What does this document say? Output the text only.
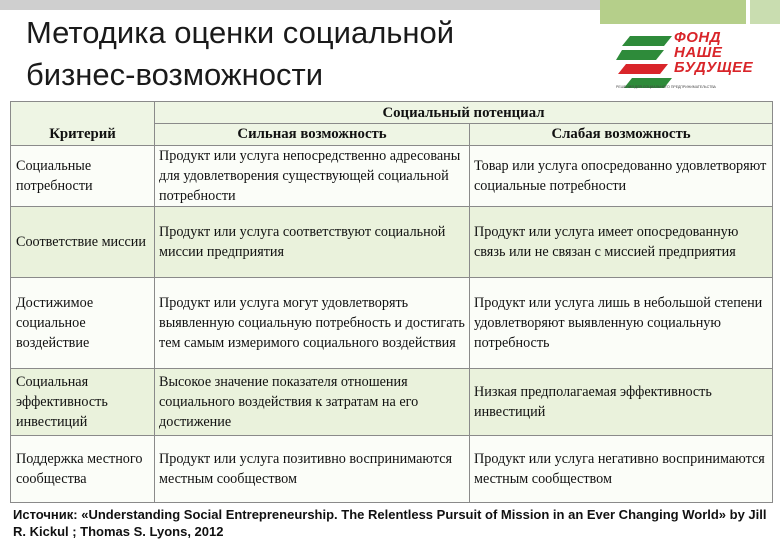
Методика оценки социальной
бизнес-возможности
ФОНД
НАШЕ
БУДУЩЕЕ
РЕШЕНИЯ ДЛЯ СОЦИАЛЬНОГО ПРЕДПРИНИМАТЕЛЬСТВА
Критерий	Социальный потенциал	
	Сильная возможность	Слабая возможность
Социальные потребности	Продукт или услуга непосредственно адресованы для удовлетворения существующей социальной потребности	Товар или услуга опосредованно удовлетворяют социальные потребности
Соответствие миссии	Продукт или услуга соответствуют социальной миссии предприятия	Продукт или услуга имеет опосредованную связь или не связан с миссией предприятия
Достижимое социальное воздействие	Продукт или услуга могут удовлетворять выявленную социальную потребность и достигать тем самым измеримого социального воздействия	Продукт или услуга лишь в небольшой степени удовлетворяют выявленную социальную потребность
Социальная эффективность инвестиций	Высокое значение показателя отношения социального воздействия к затратам на его достижение	Низкая предполагаемая эффективность инвестиций
Поддержка местного сообщества	Продукт или услуга позитивно воспринимаются местным сообществом	Продукт или услуга негативно воспринимаются местным сообществом
Источник: «Understanding Social Entrepreneurship. The Relentless Pursuit of Mission in an Ever Changing World» by Jill R. Kickul ; Thomas S. Lyons, 2012
